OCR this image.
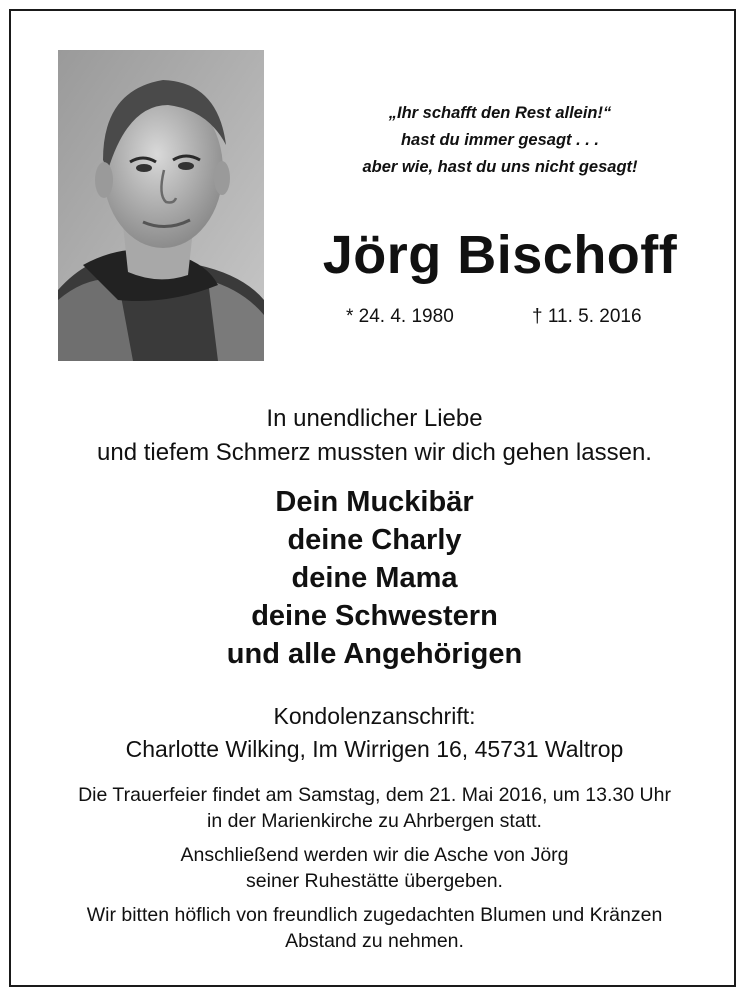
„Ihr schafft den Rest allein!“
hast du immer gesagt . . .
aber wie, hast du uns nicht gesagt!
Jörg Bischoff
* 24. 4. 1980	† 11. 5. 2016
In unendlicher Liebe
und tiefem Schmerz mussten wir dich gehen lassen.
Dein Muckibär
deine Charly
deine Mama
deine Schwestern
und alle Angehörigen
Kondolenzanschrift:
Charlotte Wilking, Im Wirrigen 16, 45731 Waltrop
Die Trauerfeier findet am Samstag, dem 21. Mai 2016, um 13.30 Uhr
in der Marienkirche zu Ahrbergen statt.
Anschließend werden wir die Asche von Jörg
seiner Ruhestätte übergeben.
Wir bitten höflich von freundlich zugedachten Blumen und Kränzen
Abstand zu nehmen.
